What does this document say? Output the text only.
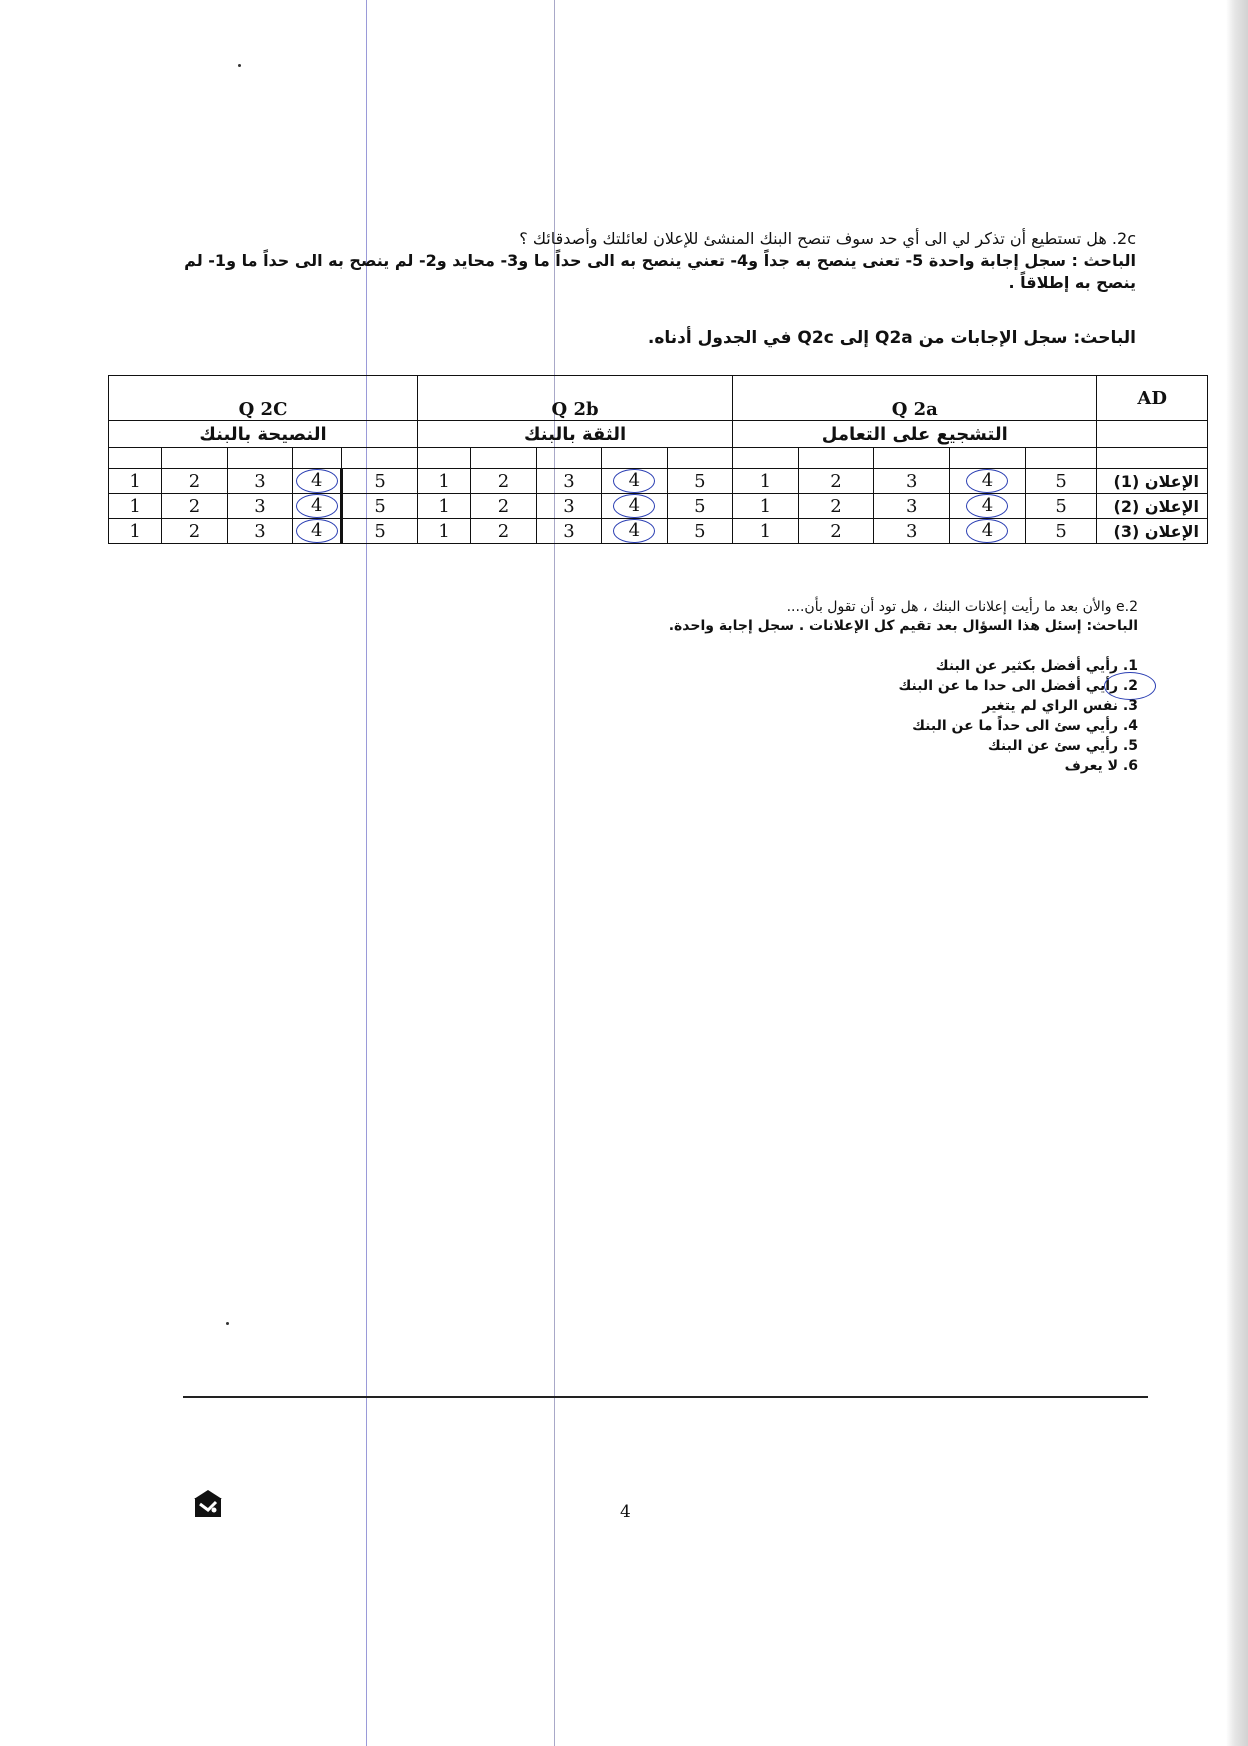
2c. هل تستطيع أن تذكر لي الى أي حد سوف تنصح البنك المنشئ للإعلان لعائلتك وأصدقائك ؟
الباحث : سجل إجابة واحدة 5- تعنى ينصح به جداً و4- تعني ينصح به الى حداً ما و3- محايد و2- لم ينصح به الى حداً ما و1- لم
ينصح به إطلاقاً .
الباحث: سجل الإجابات من Q2a إلى Q2c في الجدول أدناه.
Q 2C					Q 2b					Q 2a					AD
النصيحة بالبنك					الثقة بالبنك					التشجيع على التعامل					

1	2	3	4	5	1	2	3	4	5	1	2	3	4	5	الإعلان (1)
1	2	3	4	5	1	2	3	4	5	1	2	3	4	5	الإعلان (2)
1	2	3	4	5	1	2	3	4	5	1	2	3	4	5	الإعلان (3)
2.e والأن بعد ما رأيت إعلانات البنك ، هل تود أن تقول بأن....
الباحث: إسئل هذا السؤال بعد تقيم كل الإعلانات . سجل إجابة واحدة.
1. رأيي أفضل بكثير عن البنك
2. رأيي أفضل الى حدا ما عن البنك
3. نفس الراي لم يتغير
4. رأيي سئ الى حداً ما عن البنك
5. رأيي سئ عن البنك
6. لا يعرف
4
